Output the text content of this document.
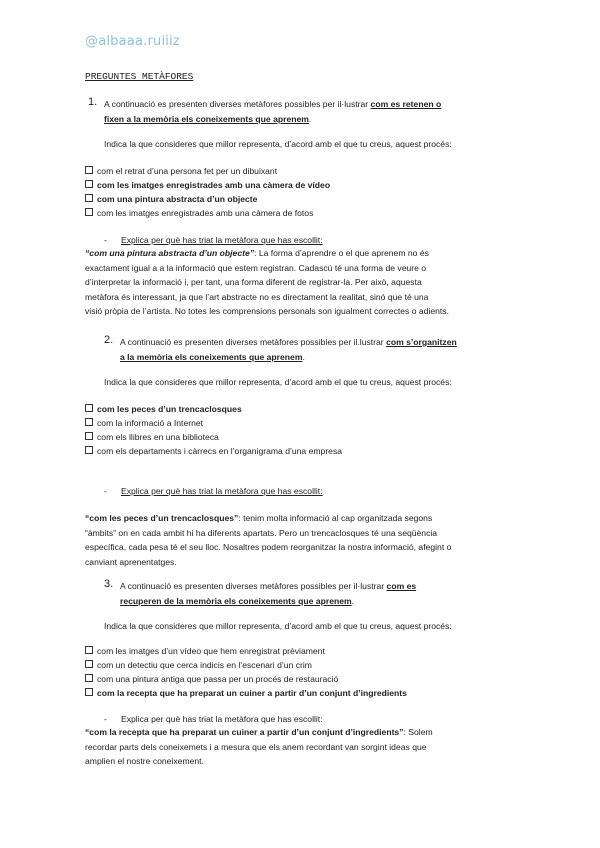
@albaaa.ruiiiz
PREGUNTES METÀFORES
1. A continuació es presenten diverses metàfores possibles per il·lustrar com es retenen o
fixen a la memòria els coneixements que aprenem.
Indica la que consideres que millor representa, d’acord amb el que tu creus, aquest procés:
com el retrat d’una persona fet per un dibuixant
com les imatges enregistrades amb una càmera de vídeo
com una pintura abstracta d’un objecte
com les imatges enregistrades amb una càmera de fotos
- Explica per què has triat la metàfora que has escollit:
“com una pintura abstracta d’un objecte”: La forma d’aprendre o el que aprenem no és
exactament igual a a la informació que estem registran. Cadascú té una forma de veure o
d’interpretar la informació i, per tant, una forma diferent de registrar-la. Per això, aquesta
metàfora és interessant, ja que l’art abstracte no es directament la realitat, sinó que té una
visió pròpia de l’artista. No totes les comprensions personals son igualment correctes o adients.
2. A continuació es presenten diverses metàfores possibles per il.lustrar com s’organitzen
a la memòria els coneixements que aprenem.
Indica la que consideres que millor representa, d’acord amb el que tu creus, aquest procés:
com les peces d’un trencaclosques
com la informació a Internet
com els llibres en una biblioteca
com els departaments i càrrecs en l’organigrama d’una empresa
- Explica per què has triat la metàfora que has escollit:
“com les peces d’un trencaclosques”: tenim molta informació al cap organitzada segons
“àmbits” on en cada ambit hi ha diferents apartats. Pero un trencaclosques té una seqüència
específica, cada pesa té el seu lloc. Nosaltres podem reorganitzar la nostra informació, afegint o
canviant aprenentatges.
3. A continuació es presenten diverses metàfores possibles per il·lustrar com es
recuperen de la memòria els coneixements que aprenem.
Indica la que consideres que millor representa, d’acord amb el que tu creus, aquest procés:
com les imatges d’un vídeo que hem enregistrat prèviament
com un detectiu que cerca indicis en l’escenari d’un crim
com una pintura antiga que passa per un procés de restauració
com la recepta que ha preparat un cuiner a partir d’un conjunt d’ingredients
- Explica per què has triat la metàfora que has escollit:
“com la recepta que ha preparat un cuiner a partir d’un conjunt d’ingredients”: Solem
recordar parts dels coneixemets i a mesura que els anem recordant van sorgint ideas que
amplien el nostre coneixement.
